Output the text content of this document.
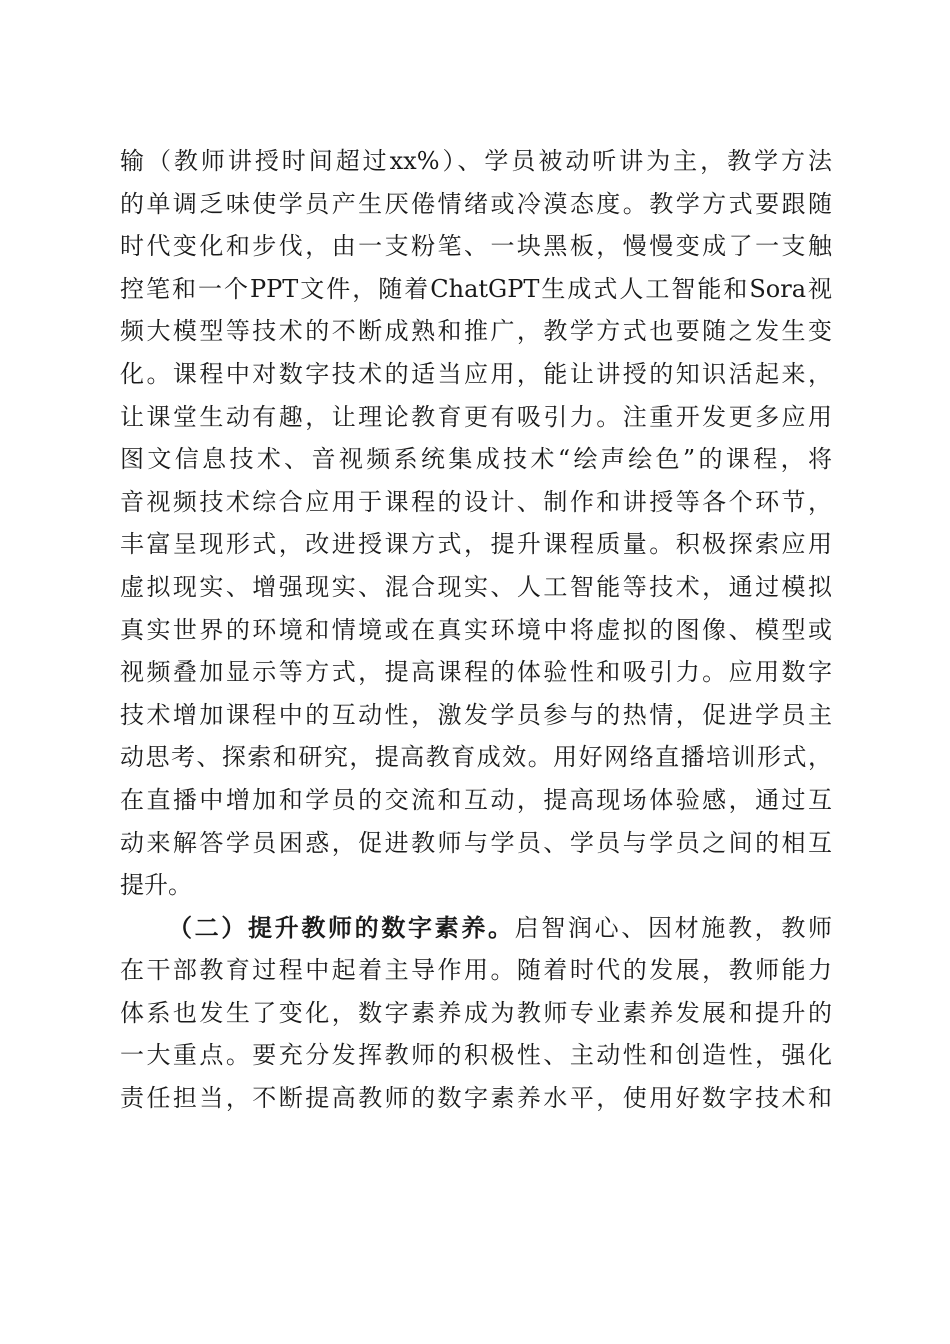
输（教师讲授时间超过xx%）、学员被动听讲为主，教学方法
的单调乏味使学员产生厌倦情绪或冷漠态度。教学方式要跟随
时代变化和步伐，由一支粉笔、一块黑板，慢慢变成了一支触
控笔和一个PPT文件，随着ChatGPT生成式人工智能和Sora视
频大模型等技术的不断成熟和推广，教学方式也要随之发生变
化。课程中对数字技术的适当应用，能让讲授的知识活起来，
让课堂生动有趣，让理论教育更有吸引力。注重开发更多应用
图文信息技术、音视频系统集成技术“绘声绘色”的课程，将
音视频技术综合应用于课程的设计、制作和讲授等各个环节，
丰富呈现形式，改进授课方式，提升课程质量。积极探索应用
虚拟现实、增强现实、混合现实、人工智能等技术，通过模拟
真实世界的环境和情境或在真实环境中将虚拟的图像、模型或
视频叠加显示等方式，提高课程的体验性和吸引力。应用数字
技术增加课程中的互动性，激发学员参与的热情，促进学员主
动思考、探索和研究，提高教育成效。用好网络直播培训形式，
在直播中增加和学员的交流和互动，提高现场体验感，通过互
动来解答学员困惑，促进教师与学员、学员与学员之间的相互
提升。
（二）提升教师的数字素养。启智润心、因材施教，教师
在干部教育过程中起着主导作用。随着时代的发展，教师能力
体系也发生了变化，数字素养成为教师专业素养发展和提升的
一大重点。要充分发挥教师的积极性、主动性和创造性，强化
责任担当，不断提高教师的数字素养水平，使用好数字技术和
